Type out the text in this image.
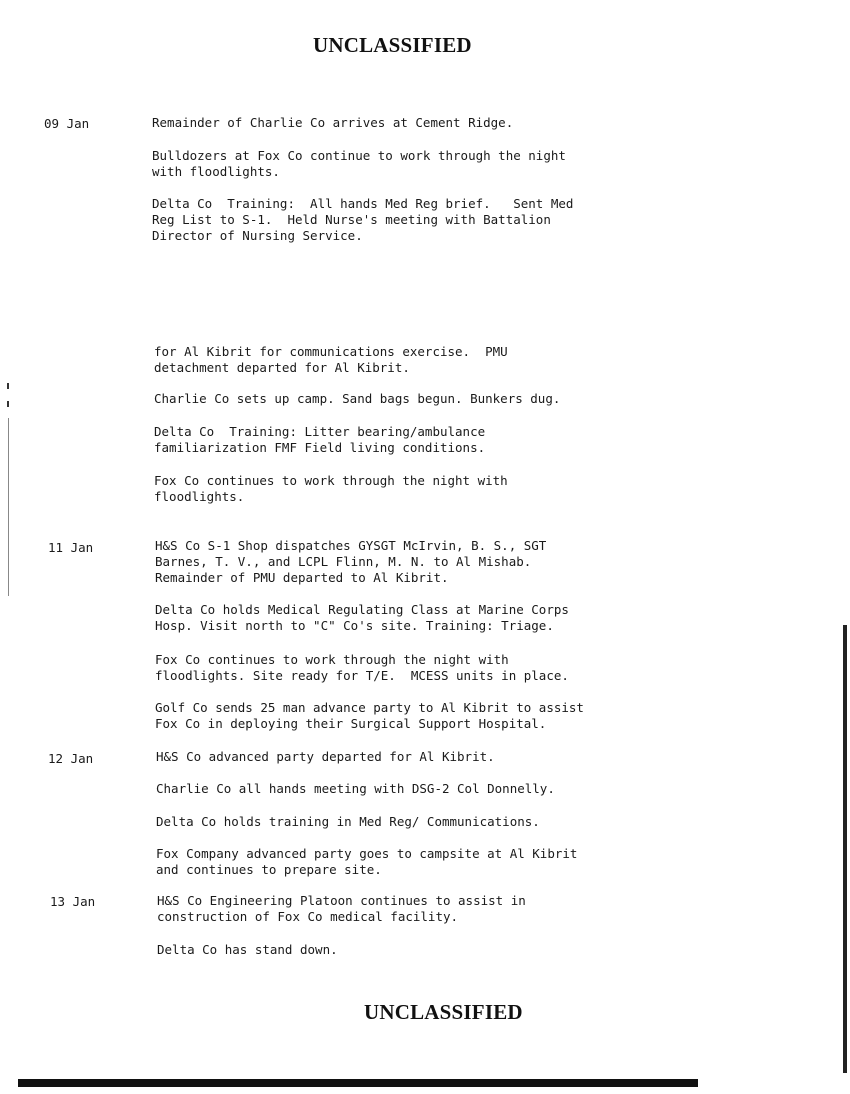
UNCLASSIFIED
09 Jan	Remainder of Charlie Co arrives at Cement Ridge.
Bulldozers at Fox Co continue to work through the night
with floodlights.
Delta Co  Training:  All hands Med Reg brief.   Sent Med
Reg List to S-1.  Held Nurse's meeting with Battalion
Director of Nursing Service.
for Al Kibrit for communications exercise.  PMU
detachment departed for Al Kibrit.
Charlie Co sets up camp. Sand bags begun. Bunkers dug.
Delta Co  Training: Litter bearing/ambulance
familiarization FMF Field living conditions.
Fox Co continues to work through the night with
floodlights.
11 Jan	H&S Co S-1 Shop dispatches GYSGT McIrvin, B. S., SGT
Barnes, T. V., and LCPL Flinn, M. N. to Al Mishab.
Remainder of PMU departed to Al Kibrit.
Delta Co holds Medical Regulating Class at Marine Corps
Hosp. Visit north to "C" Co's site. Training: Triage.
Fox Co continues to work through the night with
floodlights. Site ready for T/E.  MCESS units in place.
Golf Co sends 25 man advance party to Al Kibrit to assist
Fox Co in deploying their Surgical Support Hospital.
12 Jan	H&S Co advanced party departed for Al Kibrit.
Charlie Co all hands meeting with DSG-2 Col Donnelly.
Delta Co holds training in Med Reg/ Communications.
Fox Company advanced party goes to campsite at Al Kibrit
and continues to prepare site.
13 Jan	H&S Co Engineering Platoon continues to assist in
construction of Fox Co medical facility.
Delta Co has stand down.
UNCLASSIFIED
